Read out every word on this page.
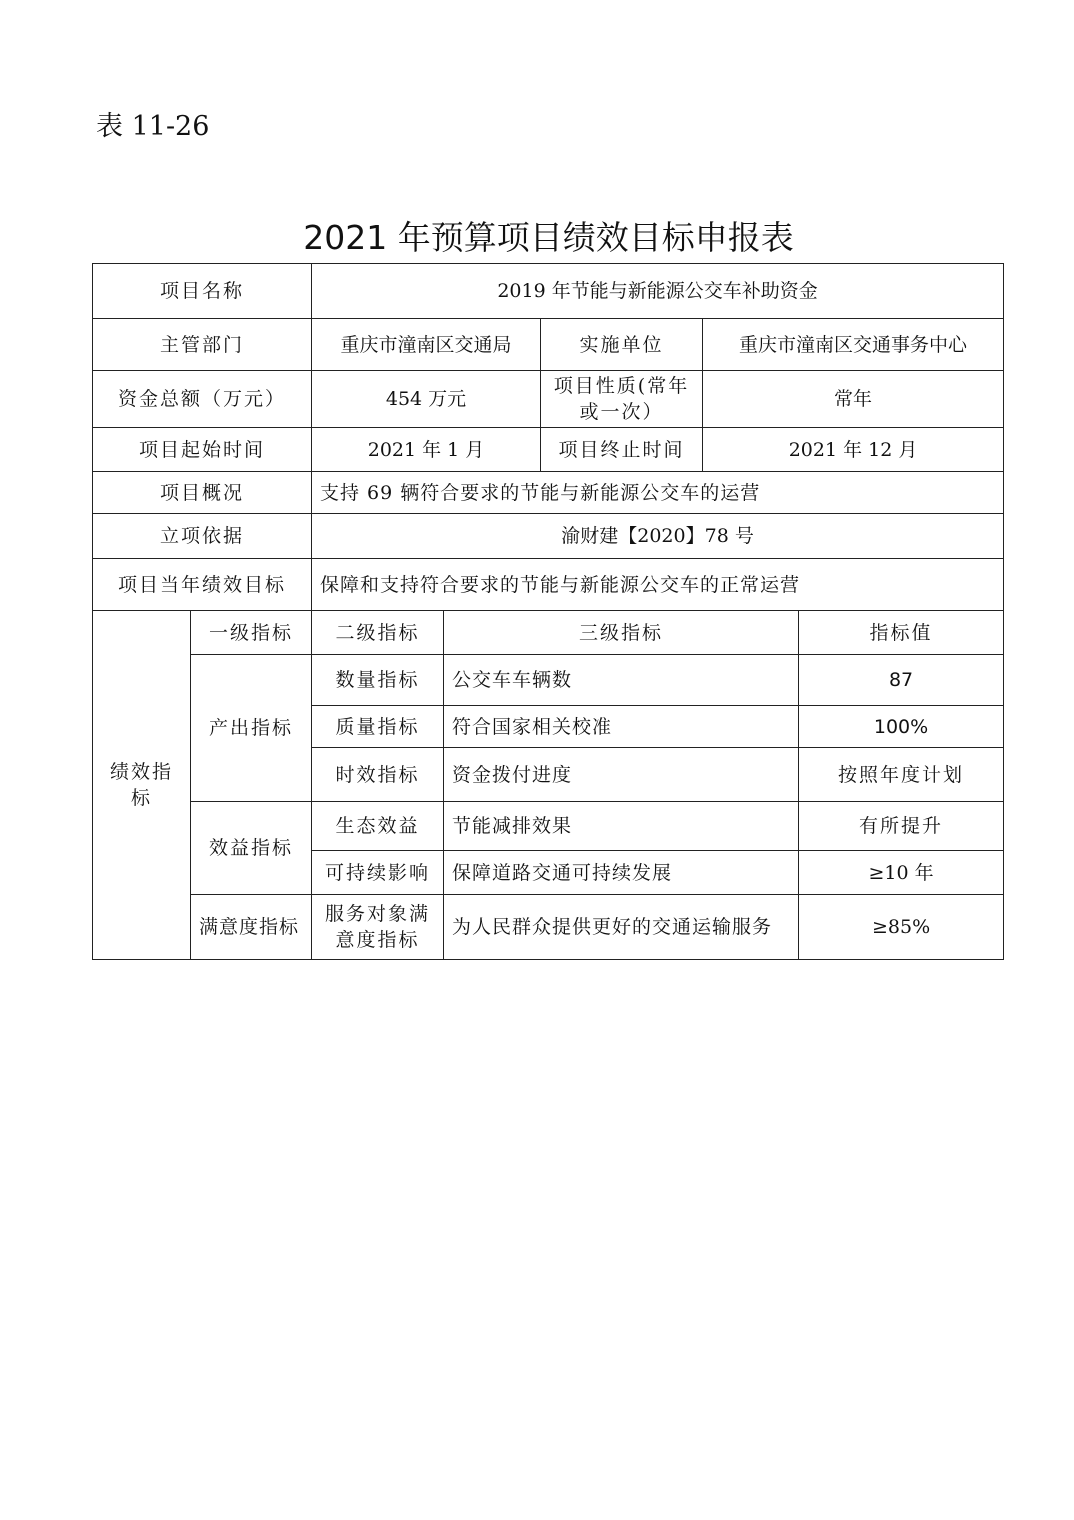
表 11-26
2021 年预算项目绩效目标申报表
项目名称		2019 年节能与新能源公交车补助资金				
主管部门		重庆市潼南区交通局		实施单位	重庆市潼南区交通事务中心	
资金总额（万元）		454 万元		项目性质(常年或一次）	常年	
项目起始时间		2021 年 1 月		项目终止时间	2021 年 12 月	
项目概况		支持 69 辆符合要求的节能与新能源公交车的运营				
立项依据		渝财建【2020】78 号				
项目当年绩效目标		保障和支持符合要求的节能与新能源公交车的正常运营				
绩效指标	一级指标	二级指标	三级指标			指标值
	产出指标	数量指标	公交车车辆数			87
		质量指标	符合国家相关校准			100%
		时效指标	资金拨付进度			按照年度计划
	效益指标	生态效益	节能减排效果			有所提升
		可持续影响	保障道路交通可持续发展			≥10 年
	满意度指标	服务对象满意度指标	为人民群众提供更好的交通运输服务			≥85%
